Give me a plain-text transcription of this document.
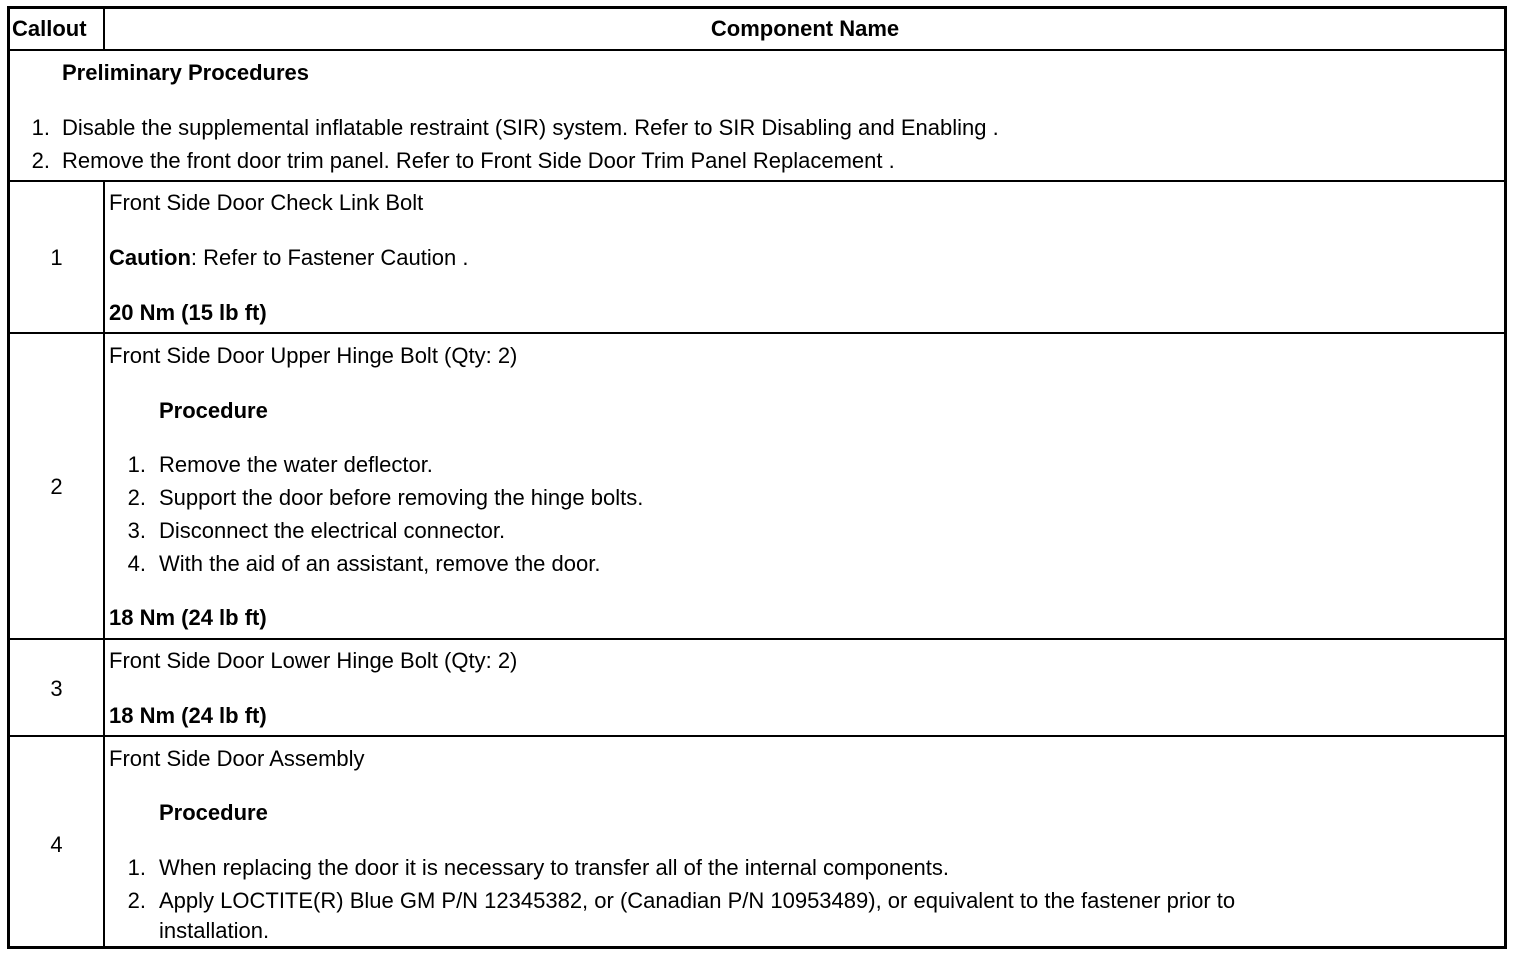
Callout	Component Name
Preliminary Procedures
1. Disable the supplemental inflatable restraint (SIR) system. Refer to SIR Disabling and Enabling .
2. Remove the front door trim panel. Refer to Front Side Door Trim Panel Replacement .
1
Front Side Door Check Link Bolt
Caution: Refer to Fastener Caution .
20 Nm (15 lb ft)
2
Front Side Door Upper Hinge Bolt (Qty: 2)
Procedure
1. Remove the water deflector.
2. Support the door before removing the hinge bolts.
3. Disconnect the electrical connector.
4. With the aid of an assistant, remove the door.
18 Nm (24 lb ft)
3
Front Side Door Lower Hinge Bolt (Qty: 2)
18 Nm (24 lb ft)
4
Front Side Door Assembly
Procedure
1. When replacing the door it is necessary to transfer all of the internal components.
2. Apply LOCTITE(R) Blue GM P/N 12345382, or (Canadian P/N 10953489), or equivalent to the fastener prior to
installation.
